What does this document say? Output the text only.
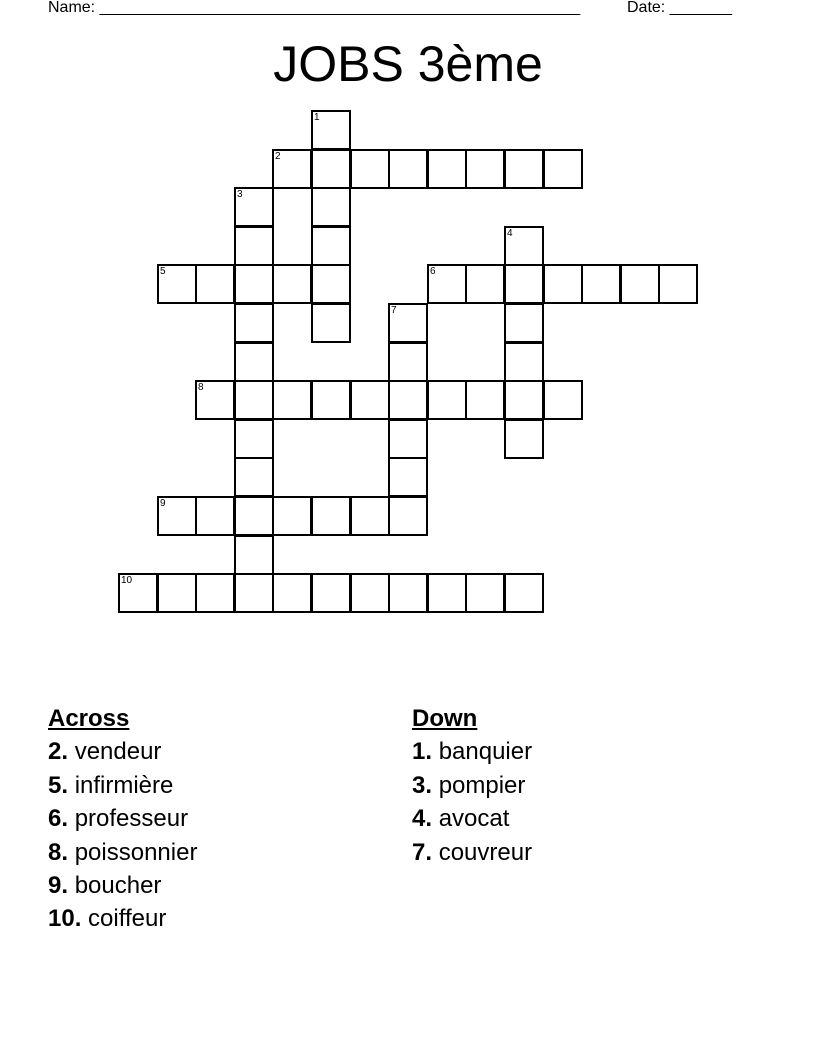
Name: ______________________________________________________	Date: _______
JOBS 3ème
1
2
3
4
5	6
7
8
9
10
Across
2. vendeur
5. infirmière
6. professeur
8. poissonnier
9. boucher
10. coiffeur
Down
1. banquier
3. pompier
4. avocat
7. couvreur
